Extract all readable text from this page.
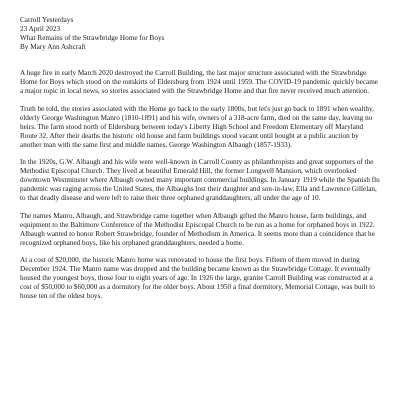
Carroll Yesterdays
23 April 2023
What Remains of the Strawbridge Home for Boys
By Mary Ann Ashcraft

A huge fire in early March 2020 destroyed the Carroll Building, the last major structure associated with the Strawbridge Home for Boys which stood on the outskirts of Eldersburg from 1924 until 1959. The COVID-19 pandemic quickly became a major topic in local news, so stories associated with the Strawbridge Home and that fire never received much attention.

Truth be told, the stories associated with the Home go back to the early 1800s, but let's just go back to 1891 when wealthy, elderly George Washington Manro (1810-1891) and his wife, owners of a 318-acre farm, died on the same day, leaving no heirs. The farm stood north of Eldersburg between today's Liberty High School and Freedom Elementary off Maryland Route 32. After their deaths the historic old house and farm buildings stood vacant until bought at a public auction by another man with the same first and middle names, George Washington Albaugh (1857-1933).

In the 1920s, G.W. Albaugh and his wife were well-known in Carroll County as philanthropists and great supporters of the Methodist Episcopal Church. They lived at beautiful Emerald Hill, the former Longwell Mansion, which overlooked downtown Westminster where Albaugh owned many important commercial buildings. In January 1919 while the Spanish flu pandemic was raging across the United States, the Albaughs lost their daughter and son-in-law, Ella and Lawrence Gillelan, to that deadly disease and were left to raise their three orphaned granddaughters, all under the age of 10.

The names Manro, Albaugh, and Strawbridge came together when Albaugh gifted the Manro house, farm buildings, and equipment to the Baltimore Conference of the Methodist Episcopal Church to be run as a home for orphaned boys in 1922. Albaugh wanted to honor Robert Strawbridge, founder of Methodism in America. It seems more than a coincidence that he recognized orphaned boys, like his orphaned granddaughters, needed a home.

At a cost of $20,000, the historic Manro home was renovated to house the first boys. Fifteen of them moved in during December 1924. The Manro name was dropped and the building became known as the Strawbridge Cottage. It eventually housed the youngest boys, those four to eight years of age. In 1926 the large, granite Carroll Building was constructed at a cost of $50,000 to $60,000 as a dormitory for the older boys. About 1950 a final dormitory, Memorial Cottage, was built to house ten of the oldest boys.
